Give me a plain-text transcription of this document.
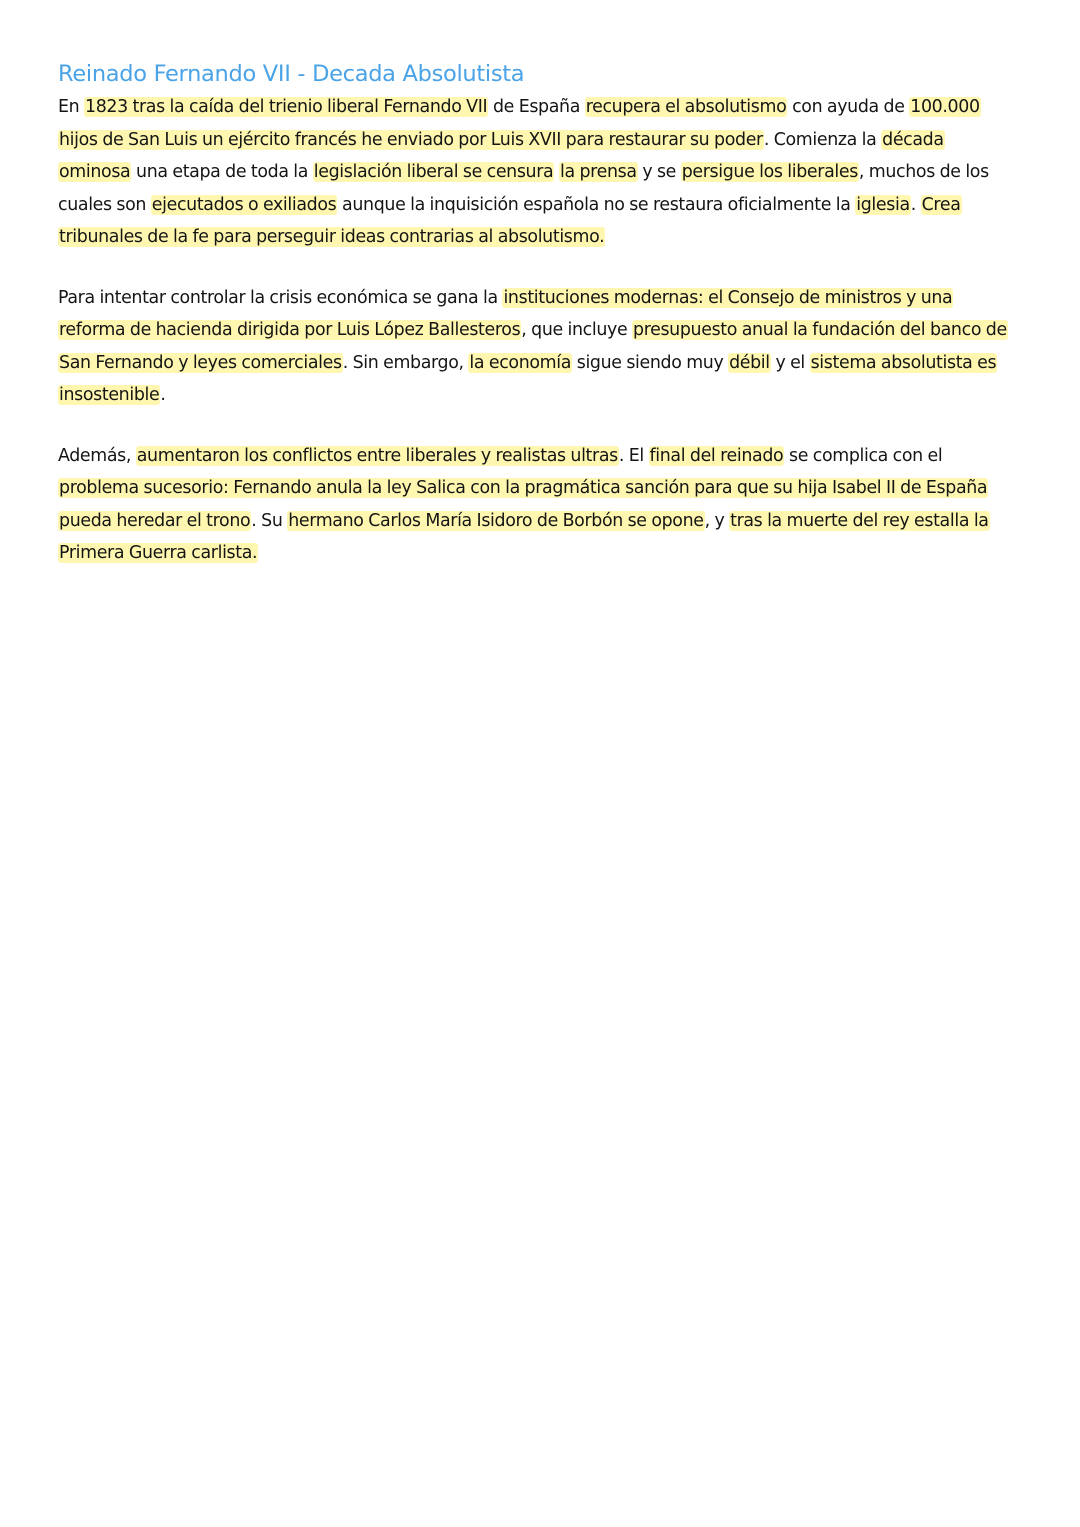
Reinado Fernando VII - Decada Absolutista

En 1823 tras la caída del trienio liberal Fernando VII de España recupera el absolutismo con ayuda de 100.000 hijos de San Luis un ejército francés he enviado por Luis XVII para restaurar su poder. Comienza la década ominosa una etapa de toda la legislación liberal se censura la prensa y se persigue los liberales, muchos de los cuales son ejecutados o exiliados aunque la inquisición española no se restaura oficialmente la iglesia. Crea tribunales de la fe para perseguir ideas contrarias al absolutismo.

Para intentar controlar la crisis económica se gana la instituciones modernas: el Consejo de ministros y una reforma de hacienda dirigida por Luis López Ballesteros, que incluye presupuesto anual la fundación del banco de San Fernando y leyes comerciales. Sin embargo, la economía sigue siendo muy débil y el sistema absolutista es insostenible.

Además, aumentaron los conflictos entre liberales y realistas ultras. El final del reinado se complica con el problema sucesorio: Fernando anula la ley Salica con la pragmática sanción para que su hija Isabel II de España pueda heredar el trono. Su hermano Carlos María Isidoro de Borbón se opone, y tras la muerte del rey estalla la Primera Guerra carlista.
